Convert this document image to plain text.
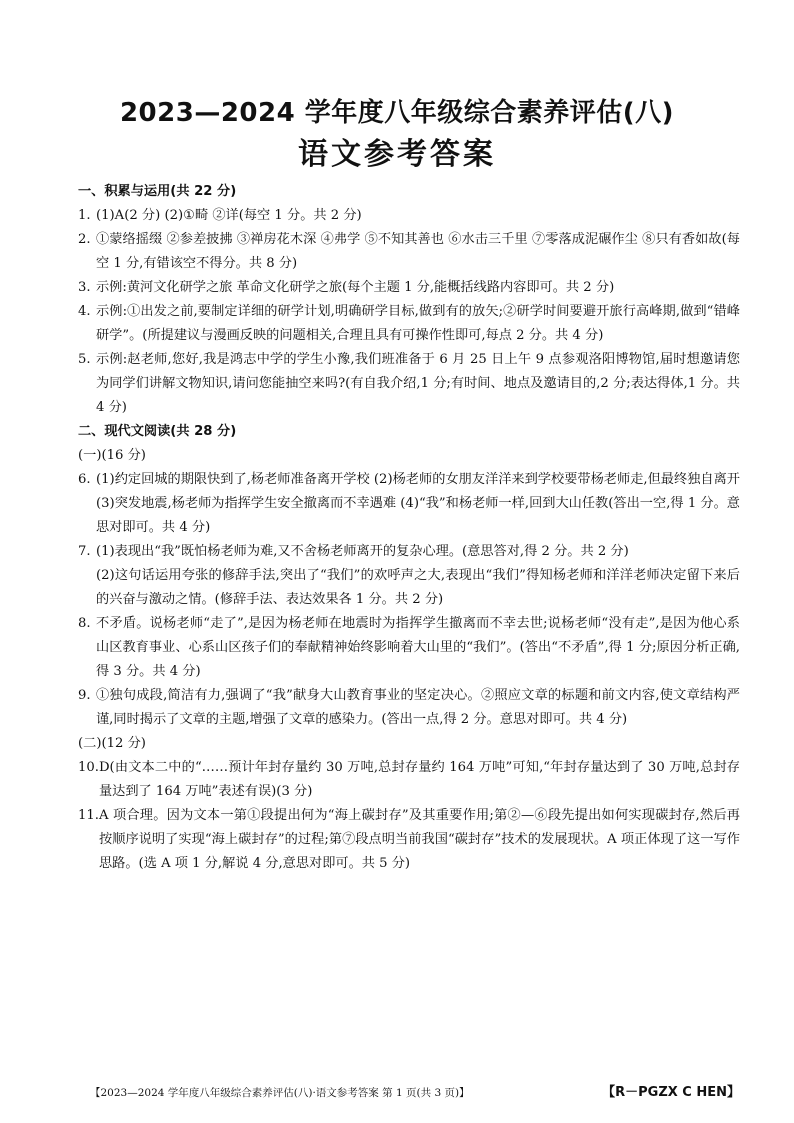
2023—2024 学年度八年级综合素养评估(八)
语文参考答案
一、积累与运用(共 22 分)
1. (1)A(2 分) (2)①畸 ②详(每空 1 分。共 2 分)
2. ①蒙络摇缀 ②参差披拂 ③禅房花木深 ④弗学 ⑤不知其善也 ⑥水击三千里 ⑦零落成泥碾作尘 ⑧只有香如故(每空 1 分,有错该空不得分。共 8 分)
3. 示例:黄河文化研学之旅 革命文化研学之旅(每个主题 1 分,能概括线路内容即可。共 2 分)
4. 示例:①出发之前,要制定详细的研学计划,明确研学目标,做到有的放矢;②研学时间要避开旅行高峰期,做到“错峰研学”。(所提建议与漫画反映的问题相关,合理且具有可操作性即可,每点 2 分。共 4 分)
5. 示例:赵老师,您好,我是鸿志中学的学生小豫,我们班准备于 6 月 25 日上午 9 点参观洛阳博物馆,届时想邀请您为同学们讲解文物知识,请问您能抽空来吗?(有自我介绍,1 分;有时间、地点及邀请目的,2 分;表达得体,1 分。共 4 分)
二、现代文阅读(共 28 分)
(一)(16 分)
6. (1)约定回城的期限快到了,杨老师准备离开学校 (2)杨老师的女朋友洋洋来到学校要带杨老师走,但最终独自离开 (3)突发地震,杨老师为指挥学生安全撤离而不幸遇难 (4)“我”和杨老师一样,回到大山任教(答出一空,得 1 分。意思对即可。共 4 分)
7. (1)表现出“我”既怕杨老师为难,又不舍杨老师离开的复杂心理。(意思答对,得 2 分。共 2 分)
(2)这句话运用夸张的修辞手法,突出了“我们”的欢呼声之大,表现出“我们”得知杨老师和洋洋老师决定留下来后的兴奋与激动之情。(修辞手法、表达效果各 1 分。共 2 分)
8. 不矛盾。说杨老师“走了”,是因为杨老师在地震时为指挥学生撤离而不幸去世;说杨老师“没有走”,是因为他心系山区教育事业、心系山区孩子们的奉献精神始终影响着大山里的“我们”。(答出“不矛盾”,得 1 分;原因分析正确,得 3 分。共 4 分)
9. ①独句成段,简洁有力,强调了“我”献身大山教育事业的坚定决心。②照应文章的标题和前文内容,使文章结构严谨,同时揭示了文章的主题,增强了文章的感染力。(答出一点,得 2 分。意思对即可。共 4 分)
(二)(12 分)
10. D(由文本二中的“……预计年封存量约 30 万吨,总封存量约 164 万吨”可知,“年封存量达到了 30 万吨,总封存量达到了 164 万吨”表述有误)(3 分)
11. A 项合理。因为文本一第①段提出何为“海上碳封存”及其重要作用;第②—⑥段先提出如何实现碳封存,然后再按顺序说明了实现“海上碳封存”的过程;第⑦段点明当前我国“碳封存”技术的发展现状。A 项正体现了这一写作思路。(选 A 项 1 分,解说 4 分,意思对即可。共 5 分)
【2023—2024 学年度八年级综合素养评估(八)·语文参考答案 第 1 页(共 3 页)】	【R－PGZX C HEN】
